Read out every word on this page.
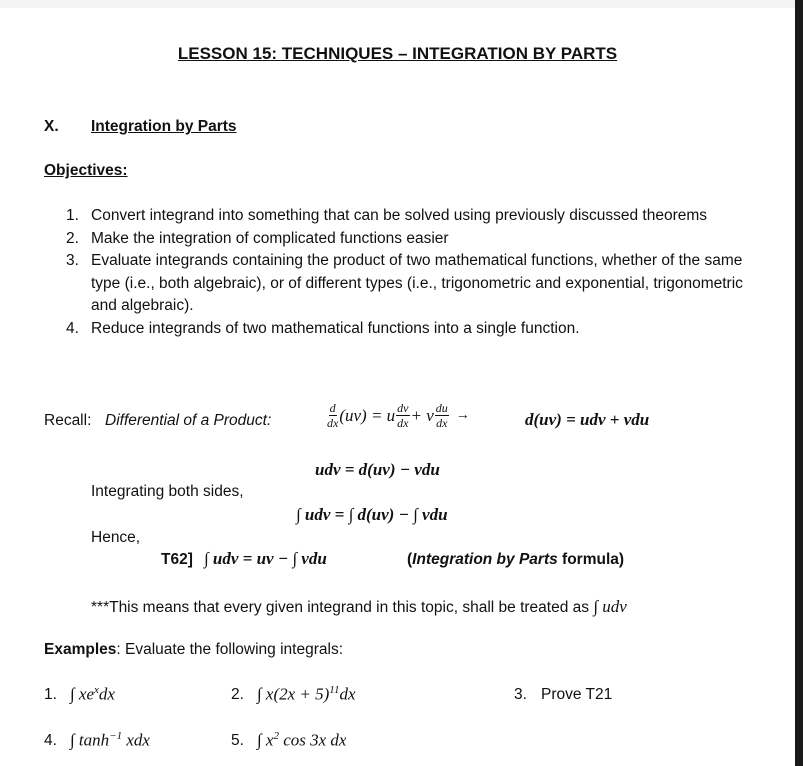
LESSON 15: TECHNIQUES – INTEGRATION BY PARTS
X. Integration by Parts
Objectives:
1. Convert integrand into something that can be solved using previously discussed theorems
2. Make the integration of complicated functions easier
3. Evaluate integrands containing the product of two mathematical functions, whether of the same type (i.e., both algebraic), or of different types (i.e., trigonometric and exponential, trigonometric and algebraic).
4. Reduce integrands of two mathematical functions into a single function.
Recall: Differential of a Product:	$\frac{d}{dx} (uv) = u \frac{dv}{dx} + v \frac{du}{dx}$ →	d(uv) = udv + vdu
udv = d(uv) − vdu
Integrating both sides,
∫ udv = ∫ d(uv) − ∫ vdu
Hence,
T62] ∫ udv = uv − ∫ vdu	(Integration by Parts formula)
***This means that every given integrand in this topic, shall be treated as ∫ udv
Examples: Evaluate the following integrals:
1. ∫ $xe^xdx$	2. ∫ $x(2x + 5)^{11}dx$	3. Prove T21
4. ∫ $\tanh^{-1}$ xdx	5. ∫ $x^2$ cos 3x dx
